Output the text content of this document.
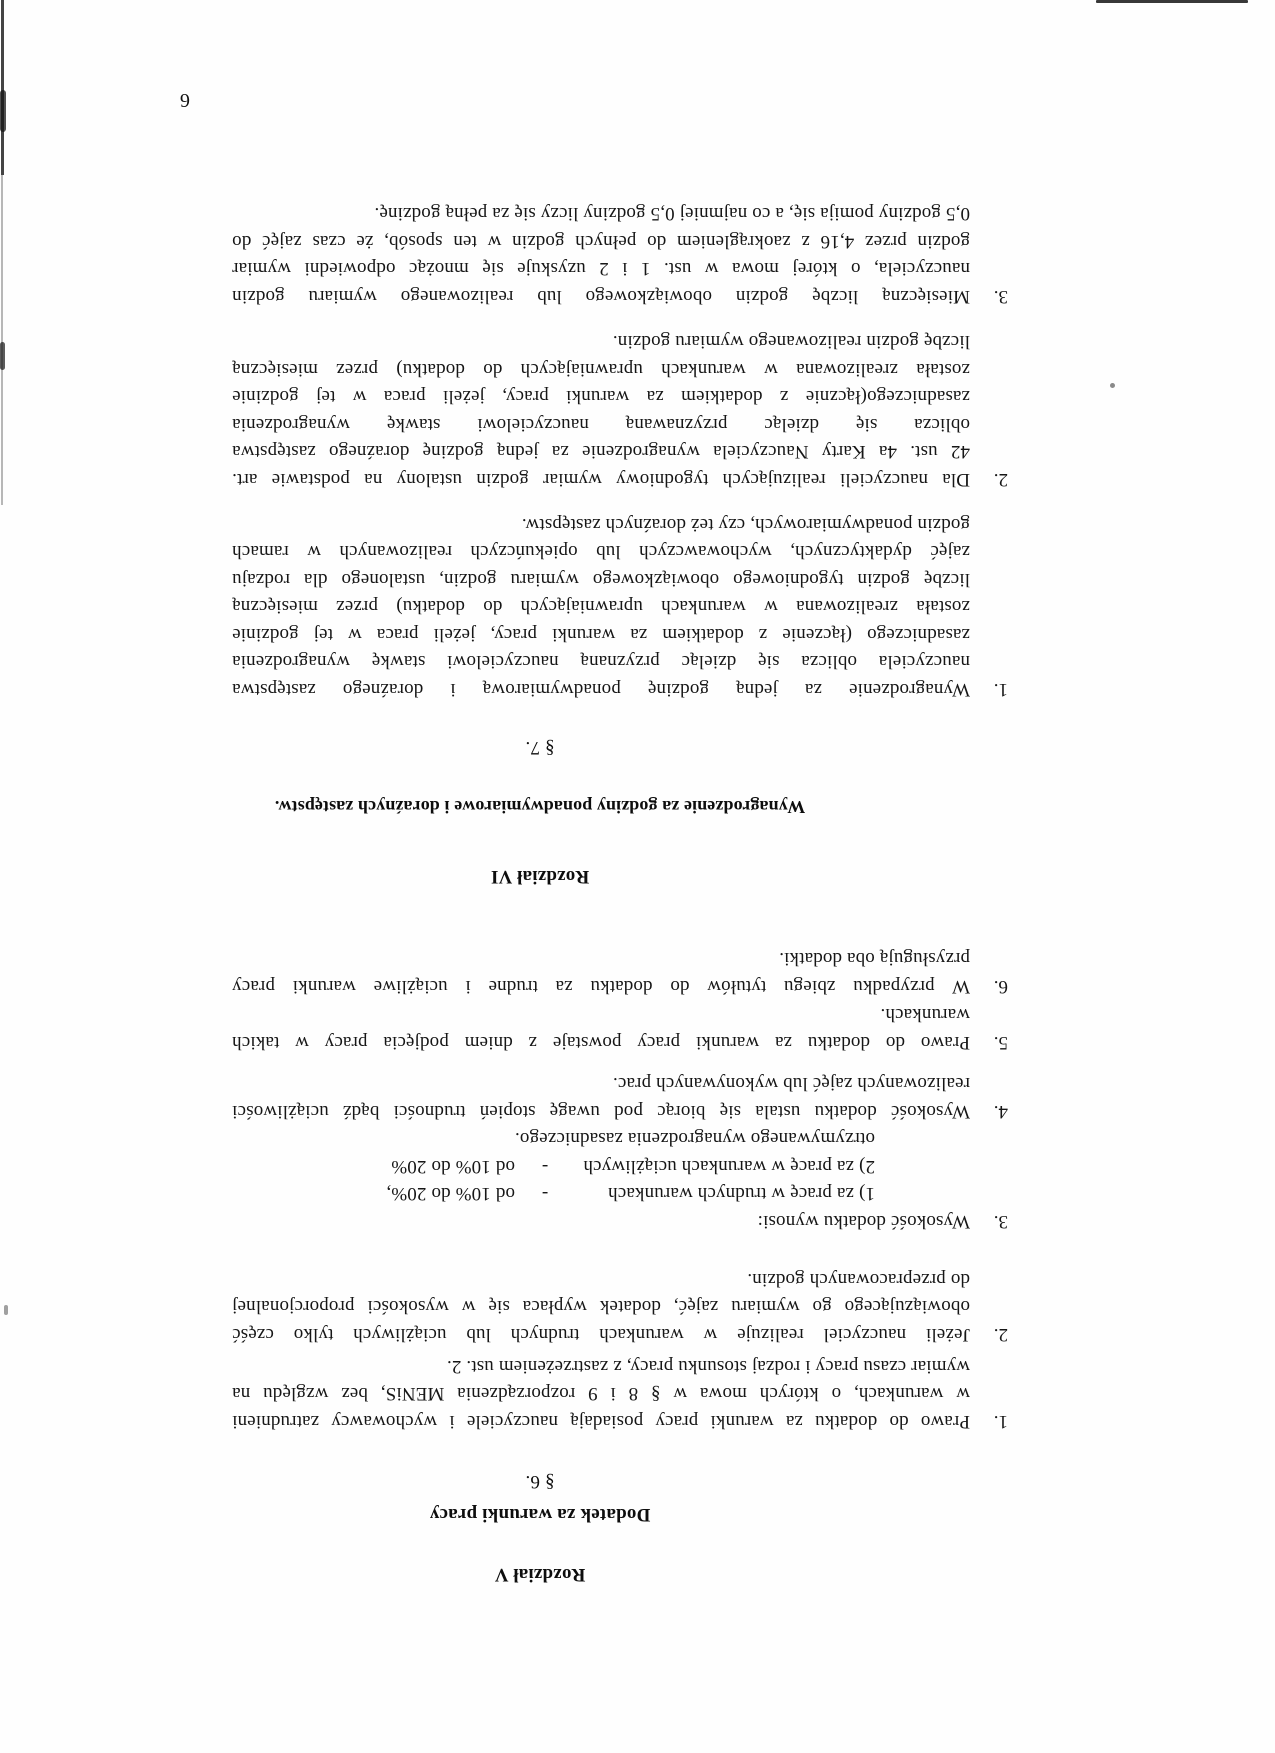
Rozdział V
Dodatek za warunki pracy
§ 6.
1.
Prawo do dodatku za warunki pracy posiadają nauczyciele i wychowawcy zatrudnieni
w warunkach, o których mowa w § 8 i 9 rozporządzenia MENiS, bez względu na
wymiar czasu pracy i rodzaj stosunku pracy, z zastrzeżeniem ust. 2.
2.
Jeżeli nauczyciel realizuje w warunkach trudnych lub uciążliwych tylko część
obowiązującego go wymiaru zajęć, dodatek wypłaca się w wysokości proporcjonalnej
do przepracowanych godzin.
3.
Wysokość dodatku wynosi:
1) za pracę w trudnych warunkach
-
od 10% do 20%,
2) za pracę w warunkach uciążliwych
-
od 10% do 20%
otrzymywanego wynagrodzenia zasadniczego.
4.
Wysokość dodatku ustala się biorąc pod uwagę stopień trudności bądź uciążliwości
realizowanych zajęć lub wykonywanych prac.
5.
Prawo do dodatku za warunki pracy powstaje z dniem podjęcia pracy w takich
warunkach.
6.
W przypadku zbiegu tytułów do dodatku za trudne i uciążliwe warunki pracy
przysługują oba dodatki.
Rozdział VI
Wynagrodzenie za godziny ponadwymiarowe i doraźnych zastępstw.
§ 7.
1.
Wynagrodzenie za jedną godzinę ponadwymiarową i doraźnego zastępstwa
nauczyciela oblicza się dzieląc przyznaną nauczycielowi stawkę wynagrodzenia
zasadniczego (łączenie z dodatkiem za warunki pracy, jeżeli praca w tej godzinie
została zrealizowana w warunkach uprawniających do dodatku) przez miesięczną
liczbę godzin tygodniowego obowiązkowego wymiaru godzin, ustalonego dla rodzaju
zajęć dydaktycznych, wychowawczych lub opiekuńczych realizowanych w ramach
godzin ponadwymiarowych, czy też doraźnych zastępstw.
2.
Dla nauczycieli realizujących tygodniowy wymiar godzin ustalony na podstawie art.
42 ust. 4a Karty Nauczyciela wynagrodzenie za jedną godzinę doraźnego zastępstwa
oblicza się dzieląc przyznawaną nauczycielowi stawkę wynagrodzenia
zasadniczego(łącznie z dodatkiem za warunki pracy, jeżeli praca w tej godzinie
została zrealizowana w warunkach uprawniających do dodatku) przez miesięczną
liczbę godzin realizowanego wymiaru godzin.
3.
Miesięczną liczbę godzin obowiązkowego lub realizowanego wymiaru godzin
nauczyciela, o której mowa w ust. 1 i 2 uzyskuje się mnożąc odpowiedni wymiar
godzin przez 4,16 z zaokrągleniem do pełnych godzin w ten sposób, że czas zajęć do
0,5 godziny pomija się, a co najmniej 0,5 godziny liczy się za pełną godzinę.
6
